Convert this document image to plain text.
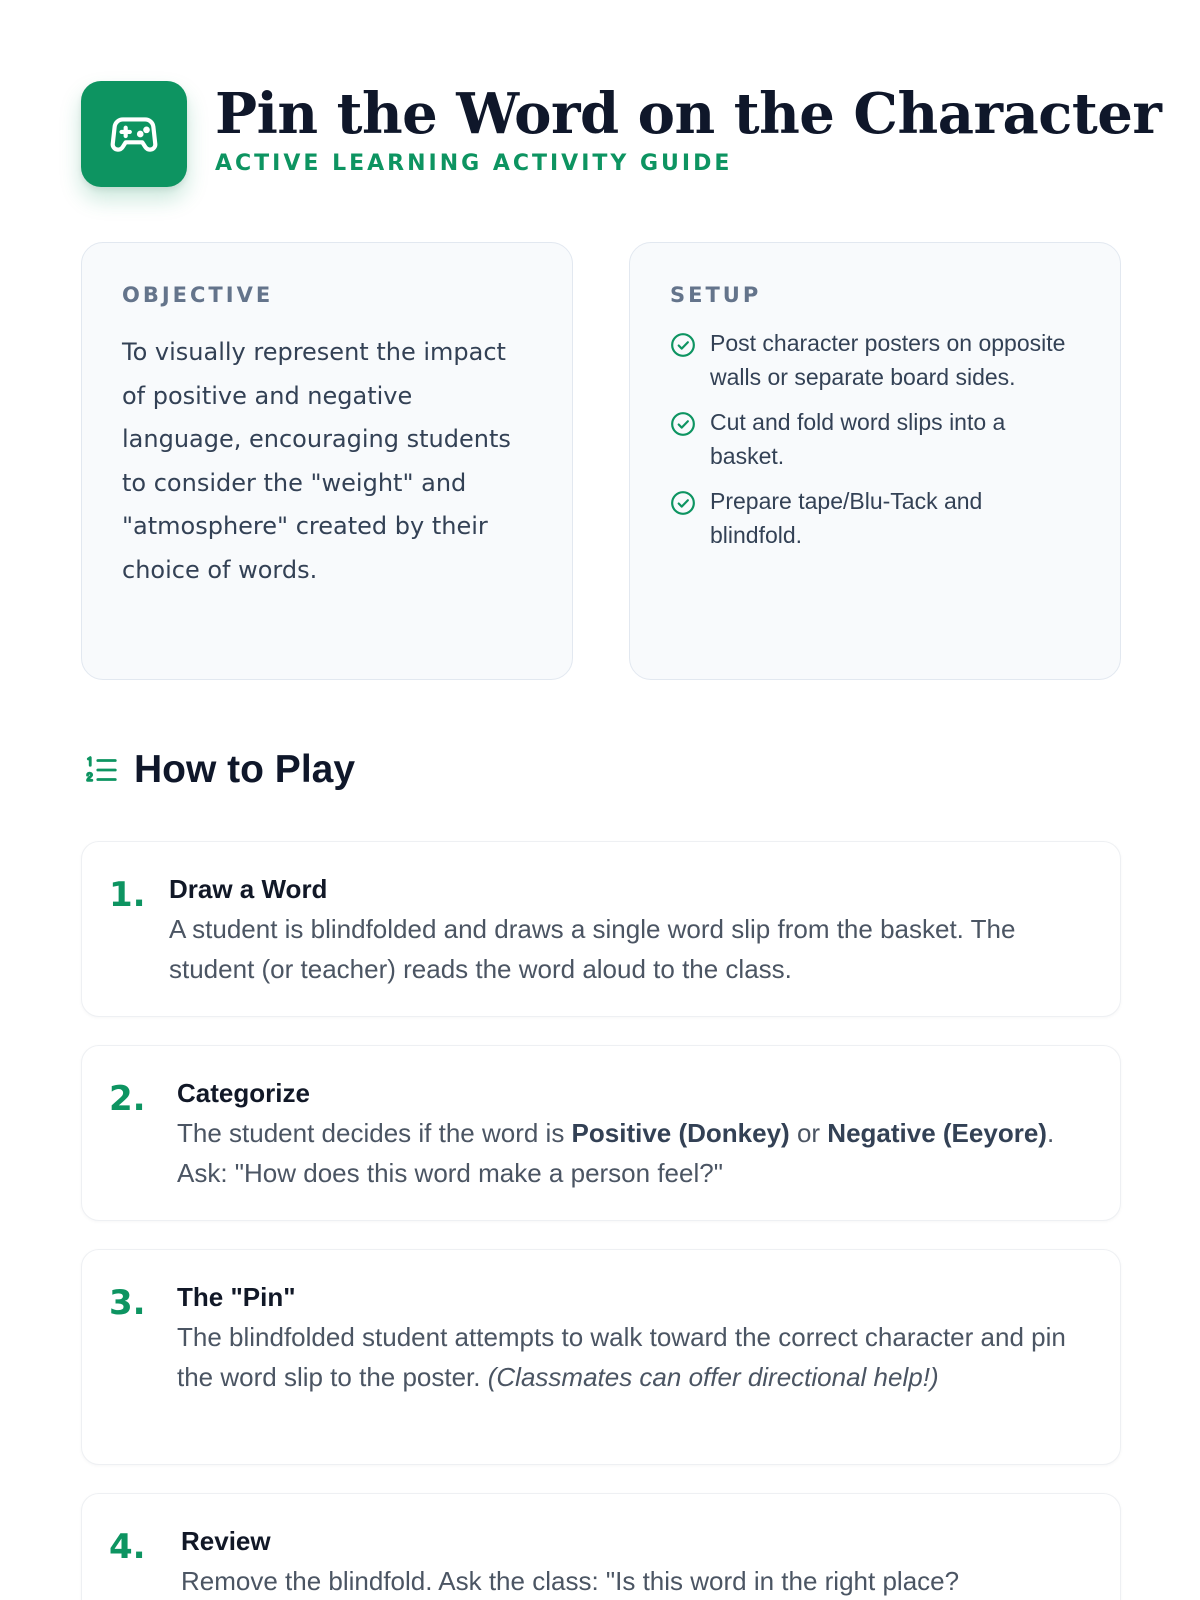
Pin the Word on the Character
ACTIVE LEARNING ACTIVITY GUIDE
OBJECTIVE
To visually represent the impact of positive and negative language, encouraging students to consider the "weight" and "atmosphere" created by their choice of words.
SETUP
Post character posters on opposite walls or separate board sides.
Cut and fold word slips into a basket.
Prepare tape/Blu-Tack and blindfold.
How to Play
1. Draw a Word
A student is blindfolded and draws a single word slip from the basket. The student (or teacher) reads the word aloud to the class.
2. Categorize
The student decides if the word is Positive (Donkey) or Negative (Eeyore). Ask: "How does this word make a person feel?"
3. The "Pin"
The blindfolded student attempts to walk toward the correct character and pin the word slip to the poster. (Classmates can offer directional help!)
4. Review
Remove the blindfold. Ask the class: "Is this word in the right place?
